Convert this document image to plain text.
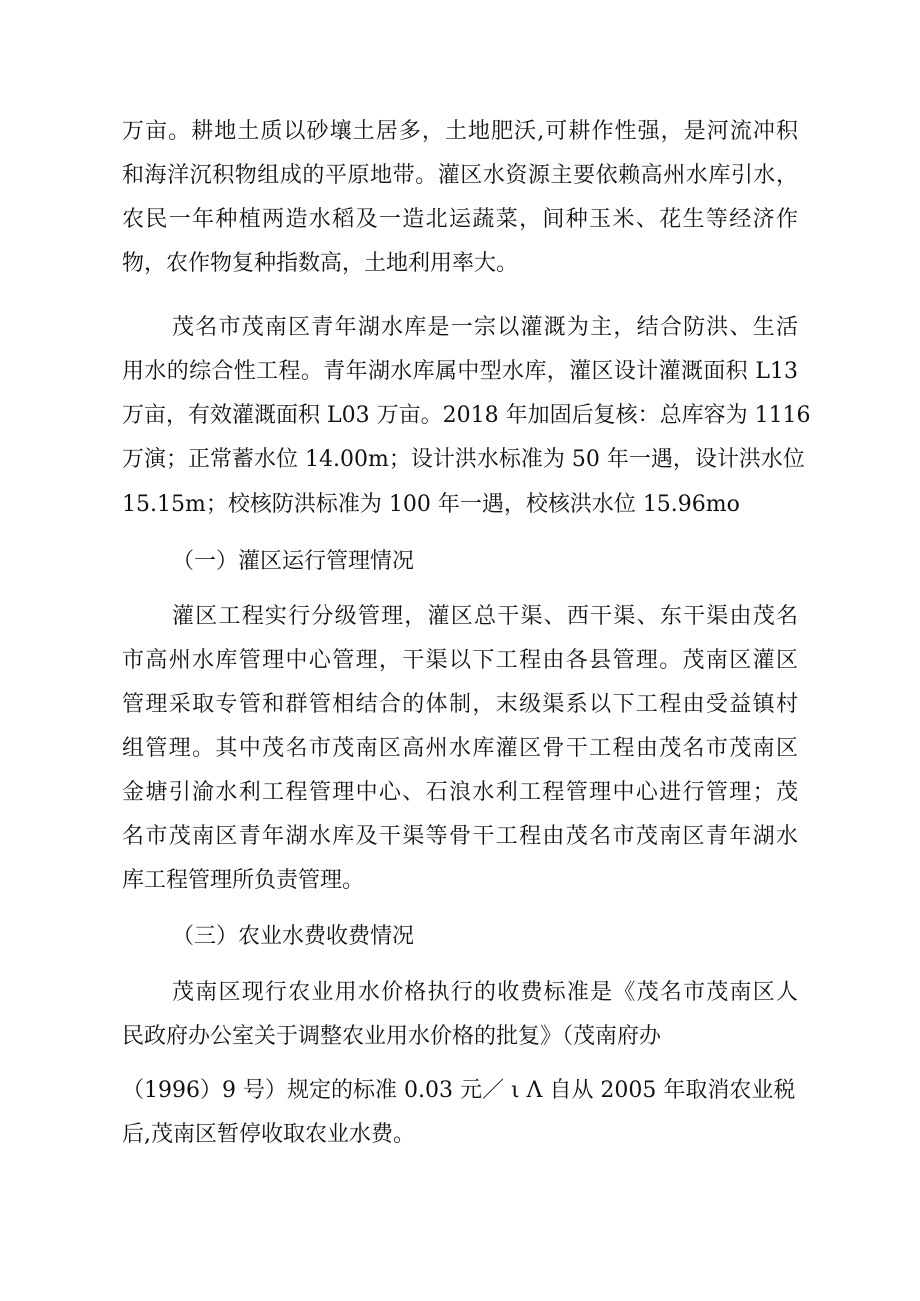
万亩。耕地土质以砂壤土居多，土地肥沃,可耕作性强，是河流冲积
和海洋沉积物组成的平原地带。灌区水资源主要依赖高州水库引水，
农民一年种植两造水稻及一造北运蔬菜，间种玉米、花生等经济作
物，农作物复种指数高，土地利用率大。
茂名市茂南区青年湖水库是一宗以灌溉为主，结合防洪、生活
用水的综合性工程。青年湖水库属中型水库，灌区设计灌溉面积 L13
万亩，有效灌溉面积 L03 万亩。2018 年加固后复核：总库容为 1116
万演；正常蓄水位 14.00m；设计洪水标准为 50 年一遇，设计洪水位
15.15m；校核防洪标准为 100 年一遇，校核洪水位 15.96mo
（一）灌区运行管理情况
灌区工程实行分级管理，灌区总干渠、西干渠、东干渠由茂名
市高州水库管理中心管理，干渠以下工程由各县管理。茂南区灌区
管理采取专管和群管相结合的体制，末级渠系以下工程由受益镇村
组管理。其中茂名市茂南区高州水库灌区骨干工程由茂名市茂南区
金塘引渝水利工程管理中心、石浪水利工程管理中心进行管理；茂
名市茂南区青年湖水库及干渠等骨干工程由茂名市茂南区青年湖水
库工程管理所负责管理。
（三）农业水费收费情况
茂南区现行农业用水价格执行的收费标准是《茂名市茂南区人
民政府办公室关于调整农业用水价格的批复》（茂南府办
（1996）9 号）规定的标准 0.03 元／ ι Λ 自从 2005 年取消农业税
后,茂南区暂停收取农业水费。
